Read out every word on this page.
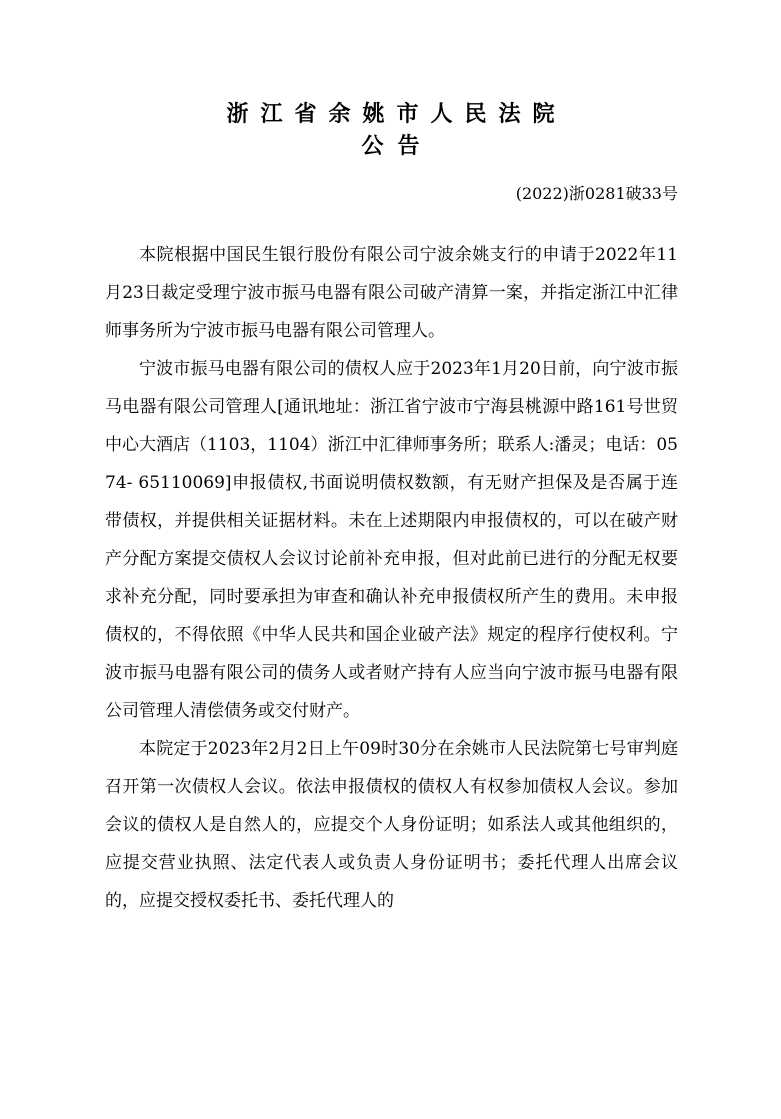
浙江省余姚市人民法院
公告
(2022)浙0281破33号

本院根据中国民生银行股份有限公司宁波余姚支行的申请于2022年11月23日裁定受理宁波市振马电器有限公司破产清算一案，并指定浙江中汇律师事务所为宁波市振马电器有限公司管理人。

宁波市振马电器有限公司的债权人应于2023年1月20日前，向宁波市振马电器有限公司管理人[通讯地址：浙江省宁波市宁海县桃源中路161号世贸中心大酒店（1103，1104）浙江中汇律师事务所；联系人:潘灵；电话：0574- 65110069]申报债权,书面说明债权数额，有无财产担保及是否属于连带债权，并提供相关证据材料。未在上述期限内申报债权的，可以在破产财产分配方案提交债权人会议讨论前补充申报，但对此前已进行的分配无权要求补充分配，同时要承担为审查和确认补充申报债权所产生的费用。未申报债权的，不得依照《中华人民共和国企业破产法》规定的程序行使权利。宁波市振马电器有限公司的债务人或者财产持有人应当向宁波市振马电器有限公司管理人清偿债务或交付财产。

本院定于2023年2月2日上午09时30分在余姚市人民法院第七号审判庭召开第一次债权人会议。依法申报债权的债权人有权参加债权人会议。参加会议的债权人是自然人的，应提交个人身份证明；如系法人或其他组织的，应提交营业执照、法定代表人或负责人身份证明书；委托代理人出席会议的，应提交授权委托书、委托代理人的
